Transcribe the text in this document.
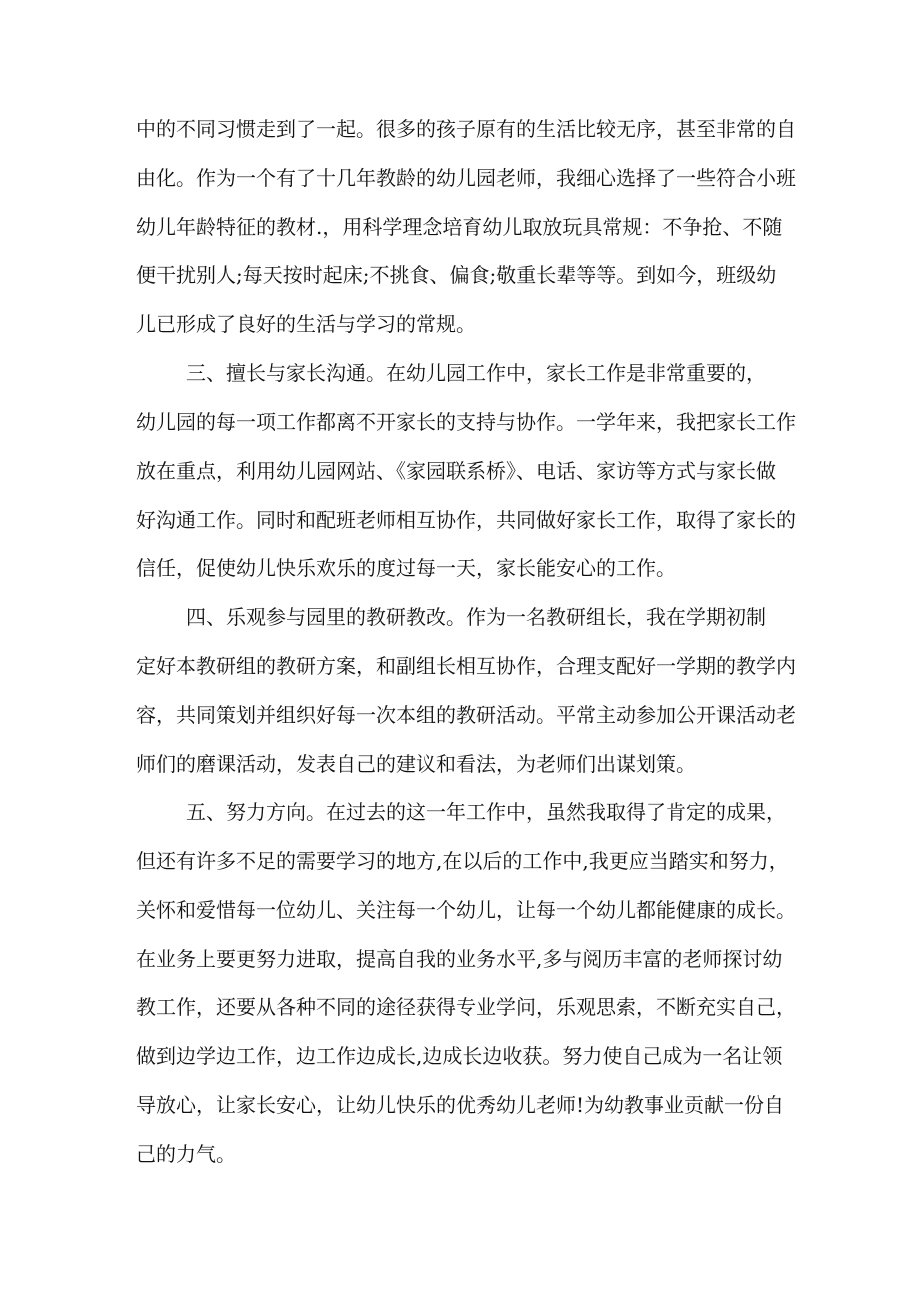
中的不同习惯走到了一起。很多的孩子原有的生活比较无序，甚至非常的自
由化。作为一个有了十几年教龄的幼儿园老师，我细心选择了一些符合小班
幼儿年龄特征的教材.，用科学理念培育幼儿取放玩具常规：不争抢、不随
便干扰别人;每天按时起床;不挑食、偏食;敬重长辈等等。到如今，班级幼
儿已形成了良好的生活与学习的常规。
三、擅长与家长沟通。在幼儿园工作中，家长工作是非常重要的，
幼儿园的每一项工作都离不开家长的支持与协作。一学年来，我把家长工作
放在重点，利用幼儿园网站、《家园联系桥》、电话、家访等方式与家长做
好沟通工作。同时和配班老师相互协作，共同做好家长工作，取得了家长的
信任，促使幼儿快乐欢乐的度过每一天，家长能安心的工作。
四、乐观参与园里的教研教改。作为一名教研组长，我在学期初制
定好本教研组的教研方案，和副组长相互协作，合理支配好一学期的教学内
容，共同策划并组织好每一次本组的教研活动。平常主动参加公开课活动老
师们的磨课活动，发表自己的建议和看法，为老师们出谋划策。
五、努力方向。在过去的这一年工作中，虽然我取得了肯定的成果，
但还有许多不足的需要学习的地方,在以后的工作中,我更应当踏实和努力，
关怀和爱惜每一位幼儿、关注每一个幼儿，让每一个幼儿都能健康的成长。
在业务上要更努力进取，提高自我的业务水平,多与阅历丰富的老师探讨幼
教工作，还要从各种不同的途径获得专业学问，乐观思索，不断充实自己，
做到边学边工作，边工作边成长,边成长边收获。努力使自己成为一名让领
导放心，让家长安心，让幼儿快乐的优秀幼儿老师!为幼教事业贡献一份自
己的力气。
